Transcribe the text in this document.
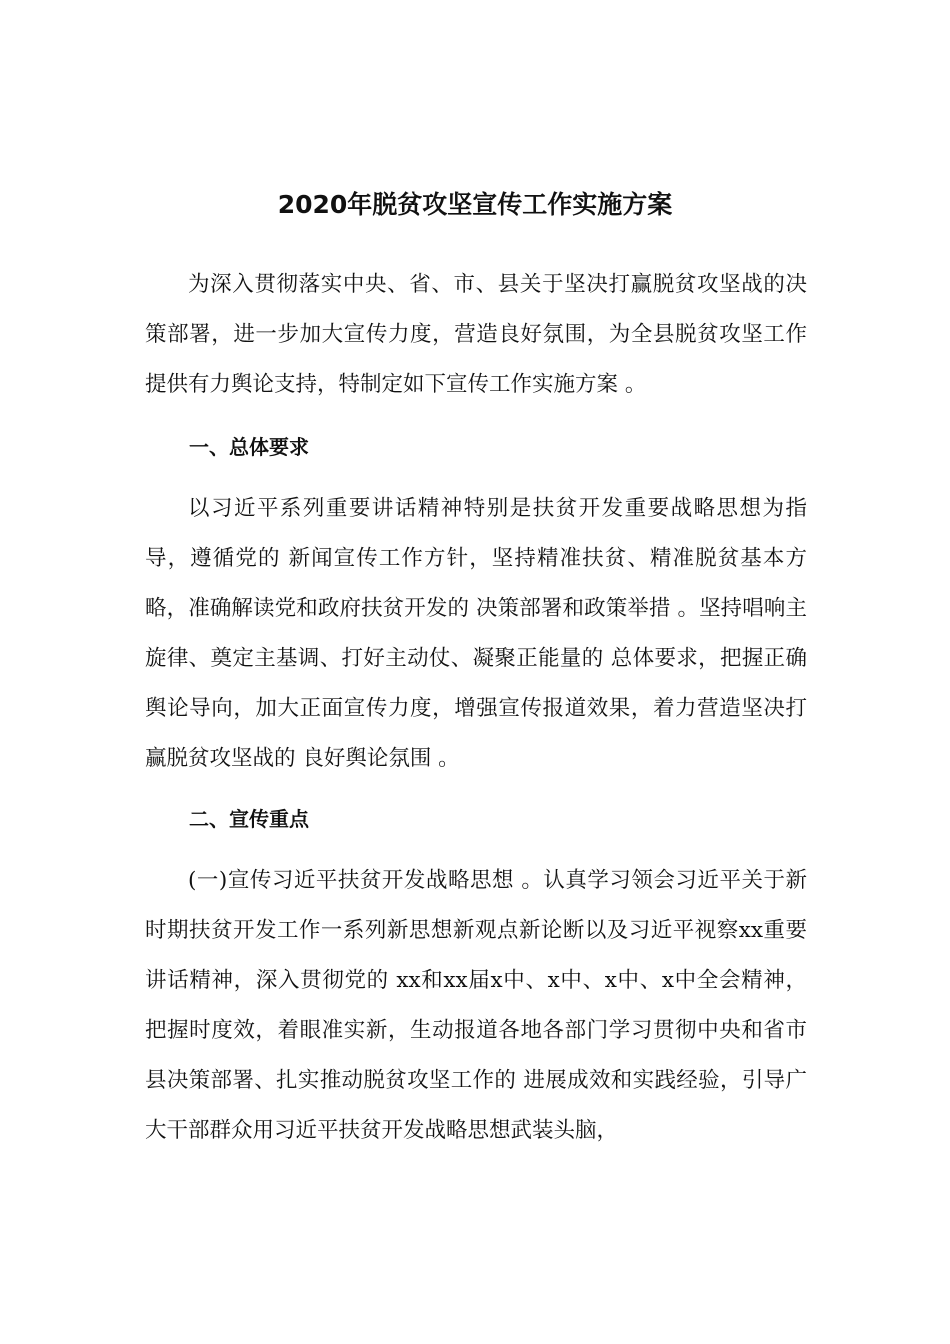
2020年脱贫攻坚宣传工作实施方案

为深入贯彻落实中央、省、市、县关于坚决打赢脱贫攻坚战的决策部署，进一步加大宣传力度，营造良好氛围，为全县脱贫攻坚工作提供有力舆论支持，特制定如下宣传工作实施方案 。

一、总体要求

以习近平系列重要讲话精神特别是扶贫开发重要战略思想为指导，遵循党的 新闻宣传工作方针，坚持精准扶贫、精准脱贫基本方略，准确解读党和政府扶贫开发的 决策部署和政策举措 。坚持唱响主旋律、奠定主基调、打好主动仗、凝聚正能量的 总体要求，把握正确舆论导向，加大正面宣传力度，增强宣传报道效果，着力营造坚决打赢脱贫攻坚战的 良好舆论氛围 。

二、宣传重点

(一)宣传习近平扶贫开发战略思想 。认真学习领会习近平关于新时期扶贫开发工作一系列新思想新观点新论断以及习近平视察xx重要讲话精神，深入贯彻党的 xx和xx届x中、x中、x中、x中全会精神，把握时度效，着眼准实新，生动报道各地各部门学习贯彻中央和省市县决策部署、扎实推动脱贫攻坚工作的 进展成效和实践经验，引导广大干部群众用习近平扶贫开发战略思想武装头脑，
